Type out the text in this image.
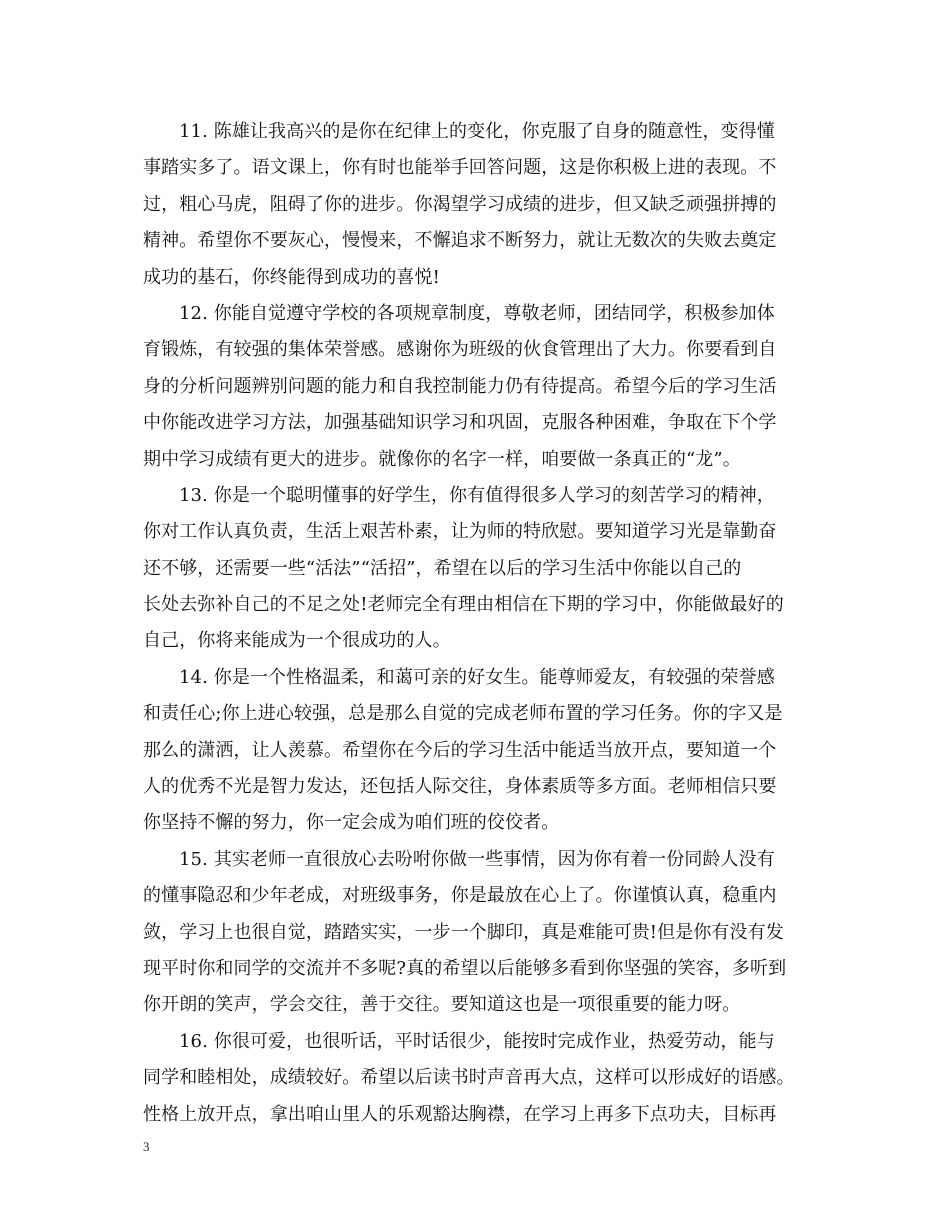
11. 陈雄让我高兴的是你在纪律上的变化，你克服了自身的随意性，变得懂
事踏实多了。语文课上，你有时也能举手回答问题，这是你积极上进的表现。不
过，粗心马虎，阻碍了你的进步。你渴望学习成绩的进步，但又缺乏顽强拼搏的
精神。希望你不要灰心，慢慢来，不懈追求不断努力，就让无数次的失败去奠定
成功的基石，你终能得到成功的喜悦!
12. 你能自觉遵守学校的各项规章制度，尊敬老师，团结同学，积极参加体
育锻炼，有较强的集体荣誉感。感谢你为班级的伙食管理出了大力。你要看到自
身的分析问题辨别问题的能力和自我控制能力仍有待提高。希望今后的学习生活
中你能改进学习方法，加强基础知识学习和巩固，克服各种困难，争取在下个学
期中学习成绩有更大的进步。就像你的名字一样，咱要做一条真正的“龙”。
13. 你是一个聪明懂事的好学生，你有值得很多人学习的刻苦学习的精神，
你对工作认真负责，生活上艰苦朴素，让为师的特欣慰。要知道学习光是靠勤奋
还不够，还需要一些“活法”“活招”，希望在以后的学习生活中你能以自己的
长处去弥补自己的不足之处!老师完全有理由相信在下期的学习中，你能做最好的
自己，你将来能成为一个很成功的人。
14. 你是一个性格温柔，和蔼可亲的好女生。能尊师爱友，有较强的荣誉感
和责任心;你上进心较强，总是那么自觉的完成老师布置的学习任务。你的字又是
那么的潇洒，让人羡慕。希望你在今后的学习生活中能适当放开点，要知道一个
人的优秀不光是智力发达，还包括人际交往，身体素质等多方面。老师相信只要
你坚持不懈的努力，你一定会成为咱们班的佼佼者。
15. 其实老师一直很放心去吩咐你做一些事情，因为你有着一份同龄人没有
的懂事隐忍和少年老成，对班级事务，你是最放在心上了。你谨慎认真，稳重内
敛，学习上也很自觉，踏踏实实，一步一个脚印，真是难能可贵!但是你有没有发
现平时你和同学的交流并不多呢?真的希望以后能够多看到你坚强的笑容，多听到
你开朗的笑声，学会交往，善于交往。要知道这也是一项很重要的能力呀。
16. 你很可爱，也很听话，平时话很少，能按时完成作业，热爱劳动，能与
同学和睦相处，成绩较好。希望以后读书时声音再大点，这样可以形成好的语感。
性格上放开点，拿出咱山里人的乐观豁达胸襟，在学习上再多下点功夫，目标再
3
